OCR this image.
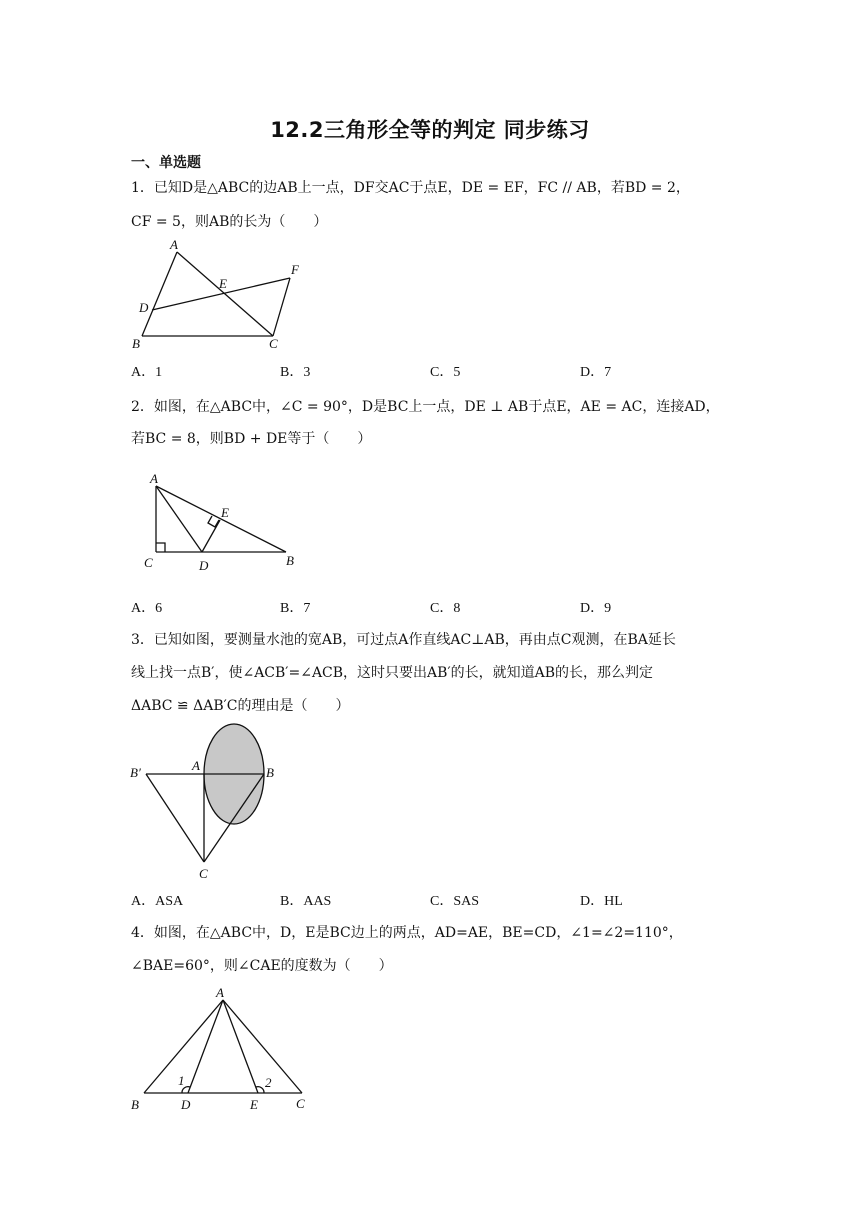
12.2三角形全等的判定 同步练习
一、单选题
1．已知D是△ABC的边AB上一点，DF交AC于点E，DE = EF，FC // AB，若BD = 2，
CF = 5，则AB的长为（　　）
A
F
E
D
B	C
A．1	B．3	C．5	D．7
2．如图，在△ABC中，∠C = 90°，D是BC上一点，DE ⊥ AB于点E，AE = AC，连接AD，
若BC = 8，则BD + DE等于（　　）
A
E
C	D	B
A．6	B．7	C．8	D．9
3．已知如图，要测量水池的宽AB，可过点A作直线AC⊥AB，再由点C观测，在BA延长
线上找一点B′，使∠ACB′=∠ACB，这时只要出AB′的长，就知道AB的长，那么判定
ΔABC ≌ ΔAB′C的理由是（　　）
B′	A	B
C
A．ASA	B．AAS	C．SAS	D．HL
4．如图，在△ABC中，D，E是BC边上的两点，AD=AE，BE=CD，∠1=∠2=110°，
∠BAE=60°，则∠CAE的度数为（　　）
A
1	2
B	D	E	C
